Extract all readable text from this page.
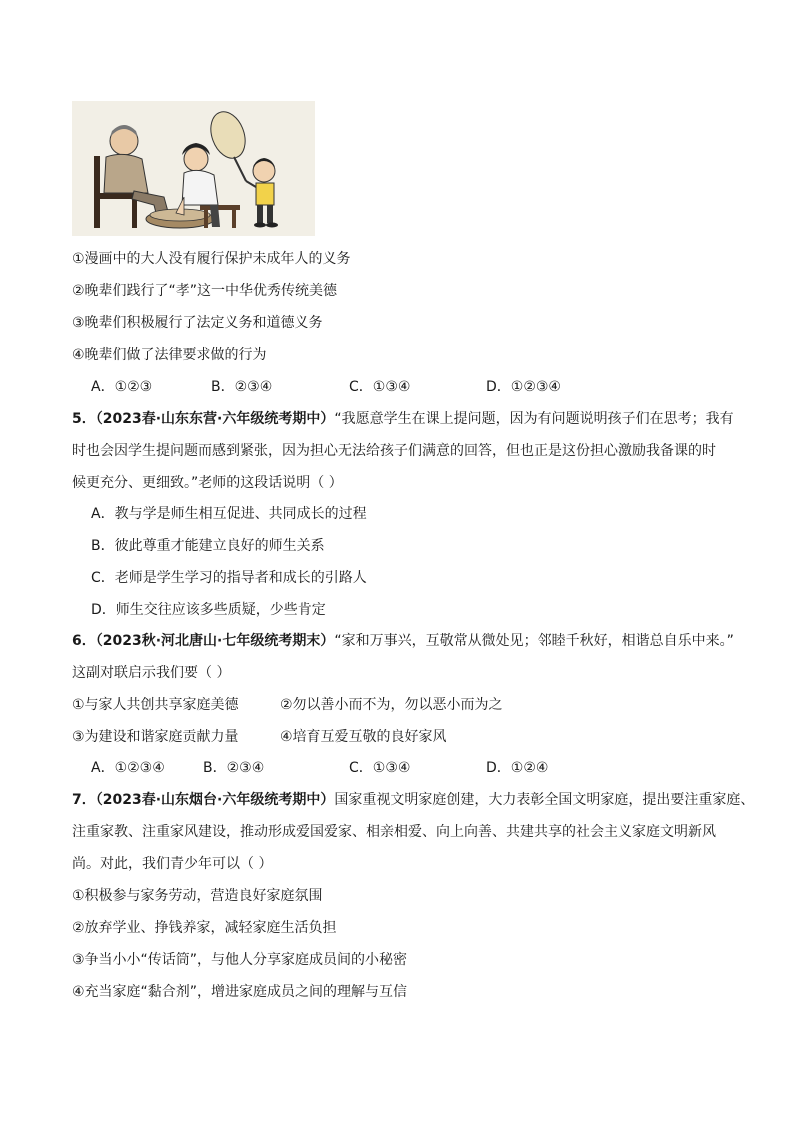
①漫画中的大人没有履行保护未成年人的义务
②晚辈们践行了“孝”这一中华优秀传统美德
③晚辈们积极履行了法定义务和道德义务
④晚辈们做了法律要求做的行为
A．①②③	B．②③④	C．①③④	D．①②③④
5．（2023春·山东东营·六年级统考期中）“我愿意学生在课上提问题，因为有问题说明孩子们在思考；我有
时也会因学生提问题而感到紧张，因为担心无法给孩子们满意的回答，但也正是这份担心激励我备课的时
候更充分、更细致。”老师的这段话说明（ ）
A．教与学是师生相互促进、共同成长的过程
B．彼此尊重才能建立良好的师生关系
C．老师是学生学习的指导者和成长的引路人
D．师生交往应该多些质疑，少些肯定
6．（2023秋·河北唐山·七年级统考期末）“家和万事兴，互敬常从微处见；邻睦千秋好，相谐总自乐中来。”
这副对联启示我们要（ ）
①与家人共创共享家庭美德	②勿以善小而不为，勿以恶小而为之
③为建设和谐家庭贡献力量	④培育互爱互敬的良好家风
A．①②③④	B．②③④	C．①③④	D．①②④
7．（2023春·山东烟台·六年级统考期中）国家重视文明家庭创建，大力表彰全国文明家庭，提出要注重家庭、
注重家教、注重家风建设，推动形成爱国爱家、相亲相爱、向上向善、共建共享的社会主义家庭文明新风
尚。对此，我们青少年可以（ ）
①积极参与家务劳动，营造良好家庭氛围
②放弃学业、挣钱养家，减轻家庭生活负担
③争当小小“传话筒”，与他人分享家庭成员间的小秘密
④充当家庭“黏合剂”，增进家庭成员之间的理解与互信
